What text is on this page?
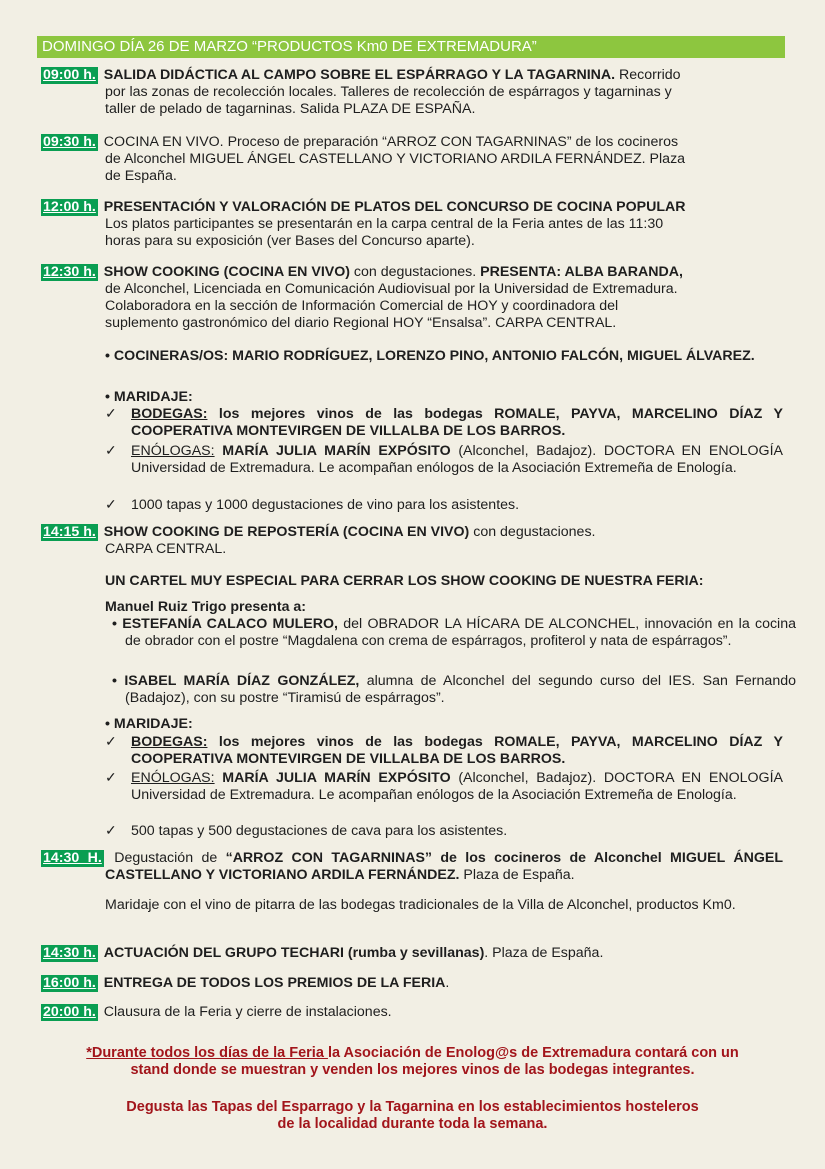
DOMINGO DÍA 26 DE MARZO “PRODUCTOS Km0 DE EXTREMADURA”
09:00 h. SALIDA DIDÁCTICA AL CAMPO SOBRE EL ESPÁRRAGO Y LA TAGARNINA. Recorrido
por las zonas de recolección locales. Talleres de recolección de espárragos y tagarninas y
taller de pelado de tagarninas. Salida PLAZA DE ESPAÑA.
09:30 h. COCINA EN VIVO. Proceso de preparación “ARROZ CON TAGARNINAS” de los cocineros
de Alconchel MIGUEL ÁNGEL CASTELLANO Y VICTORIANO ARDILA FERNÁNDEZ. Plaza
de España.
12:00 h. PRESENTACIÓN Y VALORACIÓN DE PLATOS DEL CONCURSO DE COCINA POPULAR
Los platos participantes se presentarán en la carpa central de la Feria antes de las 11:30
horas para su exposición (ver Bases del Concurso aparte).
12:30 h. SHOW COOKING (COCINA EN VIVO) con degustaciones. PRESENTA: ALBA BARANDA,
de Alconchel, Licenciada en Comunicación Audiovisual por la Universidad de Extremadura.
Colaboradora en la sección de Información Comercial de HOY y coordinadora del
suplemento gastronómico del diario Regional HOY “Ensalsa”. CARPA CENTRAL.
• COCINERAS/OS: MARIO RODRÍGUEZ, LORENZO PINO, ANTONIO FALCÓN, MIGUEL ÁLVAREZ.
• MARIDAJE:
✓ BODEGAS: los mejores vinos de las bodegas ROMALE, PAYVA, MARCELINO DÍAZ Y COOPERATIVA MONTEVIRGEN DE VILLALBA DE LOS BARROS.
✓ ENÓLOGAS: MARÍA JULIA MARÍN EXPÓSITO (Alconchel, Badajoz). DOCTORA EN ENOLOGÍA Universidad de Extremadura. Le acompañan enólogos de la Asociación Extremeña de Enología.
✓ 1000 tapas y 1000 degustaciones de vino para los asistentes.
14:15 h. SHOW COOKING DE REPOSTERÍA (COCINA EN VIVO) con degustaciones.
CARPA CENTRAL.
UN CARTEL MUY ESPECIAL PARA CERRAR LOS SHOW COOKING DE NUESTRA FERIA:
Manuel Ruiz Trigo presenta a:
• ESTEFANÍA CALACO MULERO, del OBRADOR LA HÍCARA DE ALCONCHEL, innovación en la cocina de obrador con el postre “Magdalena con crema de espárragos, profiterol y nata de espárragos”.
• ISABEL MARÍA DÍAZ GONZÁLEZ, alumna de Alconchel del segundo curso del IES. San Fernando (Badajoz), con su postre “Tiramisú de espárragos”.
• MARIDAJE:
✓ BODEGAS: los mejores vinos de las bodegas ROMALE, PAYVA, MARCELINO DÍAZ Y COOPERATIVA MONTEVIRGEN DE VILLALBA DE LOS BARROS.
✓ ENÓLOGAS: MARÍA JULIA MARÍN EXPÓSITO (Alconchel, Badajoz). DOCTORA EN ENOLOGÍA Universidad de Extremadura. Le acompañan enólogos de la Asociación Extremeña de Enología.
✓ 500 tapas y 500 degustaciones de cava para los asistentes.
14:30 H. Degustación de “ARROZ CON TAGARNINAS” de los cocineros de Alconchel MIGUEL ÁNGEL CASTELLANO Y VICTORIANO ARDILA FERNÁNDEZ. Plaza de España.
Maridaje con el vino de pitarra de las bodegas tradicionales de la Villa de Alconchel, productos Km0.
14:30 h. ACTUACIÓN DEL GRUPO TECHARI (rumba y sevillanas). Plaza de España.
16:00 h. ENTREGA DE TODOS LOS PREMIOS DE LA FERIA.
20:00 h. Clausura de la Feria y cierre de instalaciones.
*Durante todos los días de la Feria la Asociación de Enolog@s de Extremadura contará con un
stand donde se muestran y venden los mejores vinos de las bodegas integrantes.
Degusta las Tapas del Esparrago y la Tagarnina en los establecimientos hosteleros
de la localidad durante toda la semana.
